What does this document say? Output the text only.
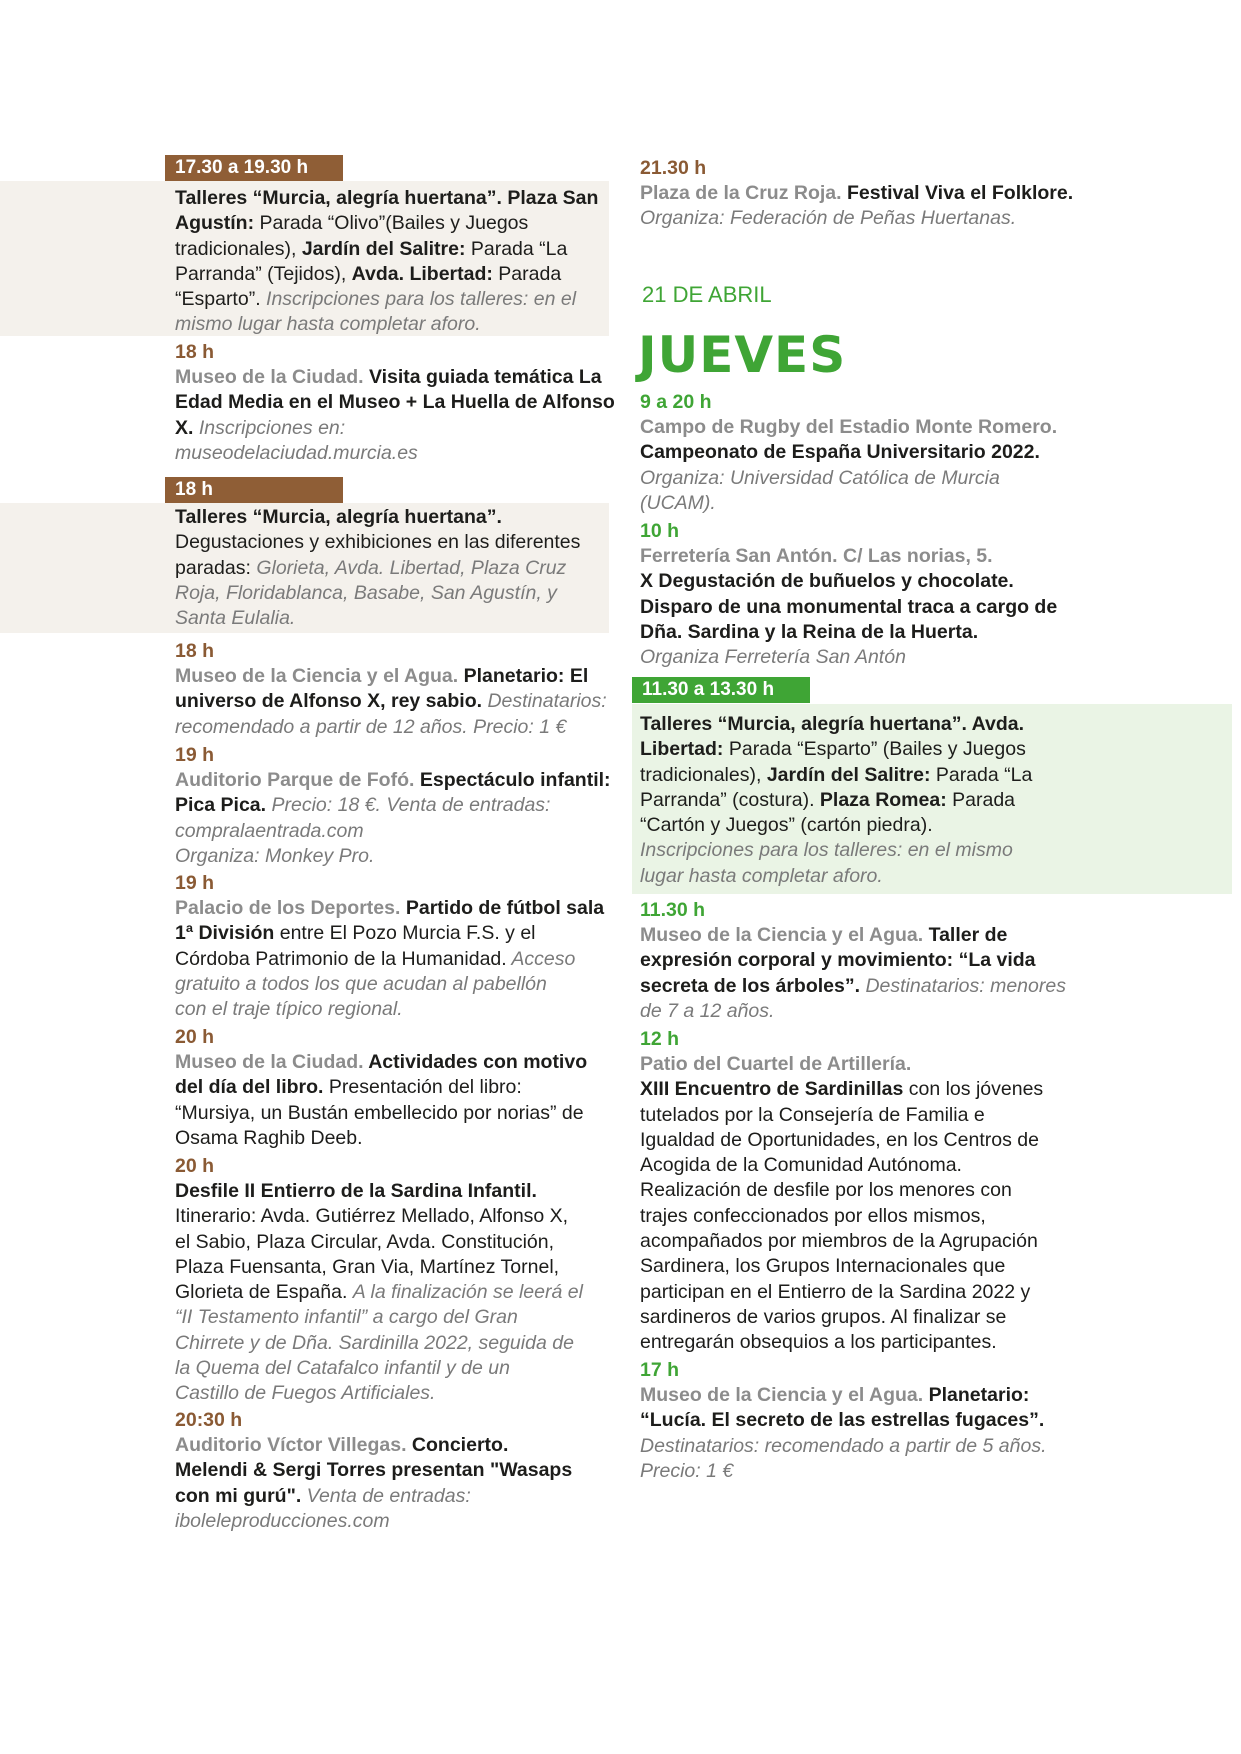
17.30 a 19.30 h
Talleres “Murcia, alegría huertana”. Plaza San
Agustín: Parada “Olivo”(Bailes y Juegos
tradicionales), Jardín del Salitre: Parada “La
Parranda” (Tejidos), Avda. Libertad: Parada
“Esparto”. Inscripciones para los talleres: en el
mismo lugar hasta completar aforo.
18 h
Museo de la Ciudad. Visita guiada temática La
Edad Media en el Museo + La Huella de Alfonso
X. Inscripciones en:
museodelaciudad.murcia.es
18 h
Talleres “Murcia, alegría huertana”.
Degustaciones y exhibiciones en las diferentes
paradas: Glorieta, Avda. Libertad, Plaza Cruz
Roja, Floridablanca, Basabe, San Agustín, y
Santa Eulalia.
18 h
Museo de la Ciencia y el Agua. Planetario: El
universo de Alfonso X, rey sabio. Destinatarios:
recomendado a partir de 12 años. Precio: 1 €
19 h
Auditorio Parque de Fofó. Espectáculo infantil:
Pica Pica. Precio: 18 €. Venta de entradas:
compralaentrada.com
Organiza: Monkey Pro.
19 h
Palacio de los Deportes. Partido de fútbol sala
1ª División entre El Pozo Murcia F.S. y el
Córdoba Patrimonio de la Humanidad. Acceso
gratuito a todos los que acudan al pabellón
con el traje típico regional.
20 h
Museo de la Ciudad. Actividades con motivo
del día del libro. Presentación del libro:
“Mursiya, un Bustán embellecido por norias” de
Osama Raghib Deeb.
20 h
Desfile II Entierro de la Sardina Infantil.
Itinerario: Avda. Gutiérrez Mellado, Alfonso X,
el Sabio, Plaza Circular, Avda. Constitución,
Plaza Fuensanta, Gran Via, Martínez Tornel,
Glorieta de España. A la finalización se leerá el
“II Testamento infantil” a cargo del Gran
Chirrete y de Dña. Sardinilla 2022, seguida de
la Quema del Catafalco infantil y de un
Castillo de Fuegos Artificiales.
20:30 h
Auditorio Víctor Villegas. Concierto.
Melendi & Sergi Torres presentan "Wasaps
con mi gurú". Venta de entradas:
iboleleproducciones.com
21.30 h
Plaza de la Cruz Roja. Festival Viva el Folklore.
Organiza: Federación de Peñas Huertanas.
21 DE ABRIL
JUEVES
9 a 20 h
Campo de Rugby del Estadio Monte Romero.
Campeonato de España Universitario 2022.
Organiza: Universidad Católica de Murcia
(UCAM).
10 h
Ferretería San Antón. C/ Las norias, 5.
X Degustación de buñuelos y chocolate.
Disparo de una monumental traca a cargo de
Dña. Sardina y la Reina de la Huerta.
Organiza Ferretería San Antón
11.30 a 13.30 h
Talleres “Murcia, alegría huertana”. Avda.
Libertad: Parada “Esparto” (Bailes y Juegos
tradicionales), Jardín del Salitre: Parada “La
Parranda” (costura). Plaza Romea: Parada
“Cartón y Juegos” (cartón piedra).
Inscripciones para los talleres: en el mismo
lugar hasta completar aforo.
11.30 h
Museo de la Ciencia y el Agua. Taller de
expresión corporal y movimiento: “La vida
secreta de los árboles”. Destinatarios: menores
de 7 a 12 años.
12 h
Patio del Cuartel de Artillería.
XIII Encuentro de Sardinillas con los jóvenes
tutelados por la Consejería de Familia e
Igualdad de Oportunidades, en los Centros de
Acogida de la Comunidad Autónoma.
Realización de desfile por los menores con
trajes confeccionados por ellos mismos,
acompañados por miembros de la Agrupación
Sardinera, los Grupos Internacionales que
participan en el Entierro de la Sardina 2022 y
sardineros de varios grupos. Al finalizar se
entregarán obsequios a los participantes.
17 h
Museo de la Ciencia y el Agua. Planetario:
“Lucía. El secreto de las estrellas fugaces”.
Destinatarios: recomendado a partir de 5 años.
Precio: 1 €
